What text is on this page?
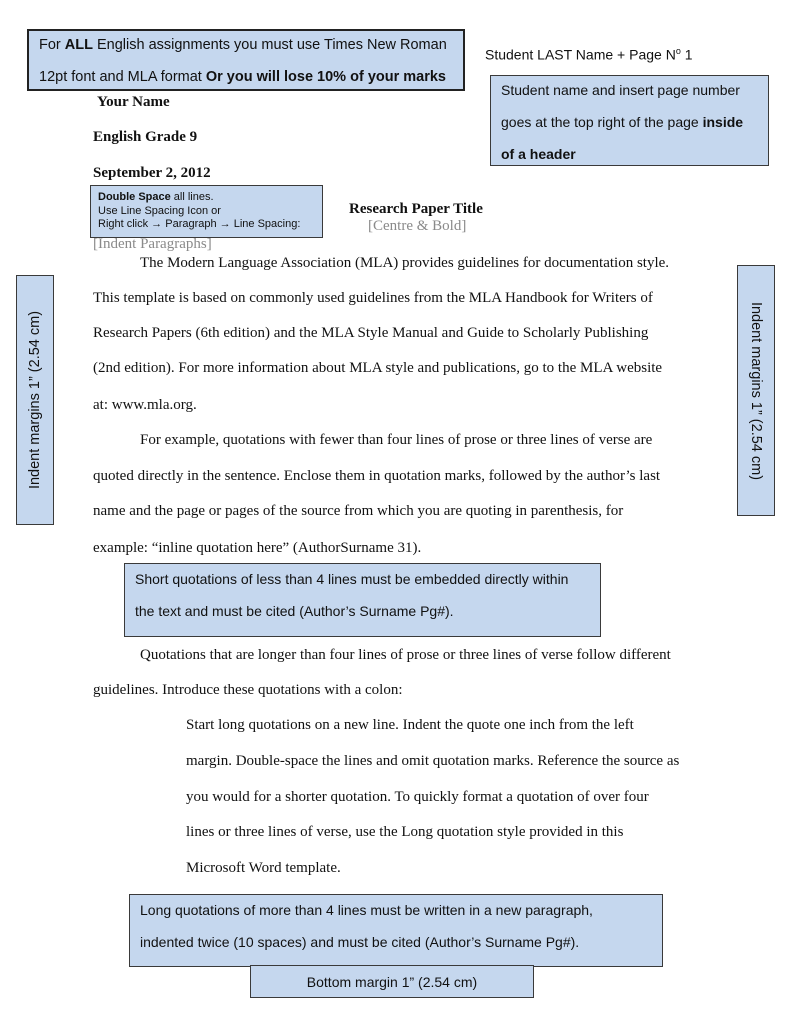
For ALL English assignments you must use Times New Roman
12pt font and MLA format Or you will lose 10% of your marks
Student LAST Name + Page $N^o$ 1
Student name and insert page number
goes at the top right of the page inside
of a header
Your Name
English Grade 9
September 2, 2012
Double Space all lines.
Use Line Spacing Icon or
Right click → Paragraph → Line Spacing:
Research Paper Title
[Centre & Bold]
[Indent Paragraphs]
Indent margins 1” (2.54 cm)	Indent margins 1” (2.54 cm)
The Modern Language Association (MLA) provides guidelines for documentation style.
This template is based on commonly used guidelines from the MLA Handbook for Writers of
Research Papers (6th edition) and the MLA Style Manual and Guide to Scholarly Publishing
(2nd edition). For more information about MLA style and publications, go to the MLA website
at: www.mla.org.
For example, quotations with fewer than four lines of prose or three lines of verse are
quoted directly in the sentence. Enclose them in quotation marks, followed by the author’s last
name and the page or pages of the source from which you are quoting in parenthesis, for
example: “inline quotation here” (AuthorSurname 31).
Short quotations of less than 4 lines must be embedded directly within
the text and must be cited (Author’s Surname Pg#).
Quotations that are longer than four lines of prose or three lines of verse follow different
guidelines. Introduce these quotations with a colon:
Start long quotations on a new line. Indent the quote one inch from the left
margin. Double-space the lines and omit quotation marks. Reference the source as
you would for a shorter quotation. To quickly format a quotation of over four
lines or three lines of verse, use the Long quotation style provided in this
Microsoft Word template.
Long quotations of more than 4 lines must be written in a new paragraph,
indented twice (10 spaces) and must be cited (Author’s Surname Pg#).
Bottom margin 1” (2.54 cm)
